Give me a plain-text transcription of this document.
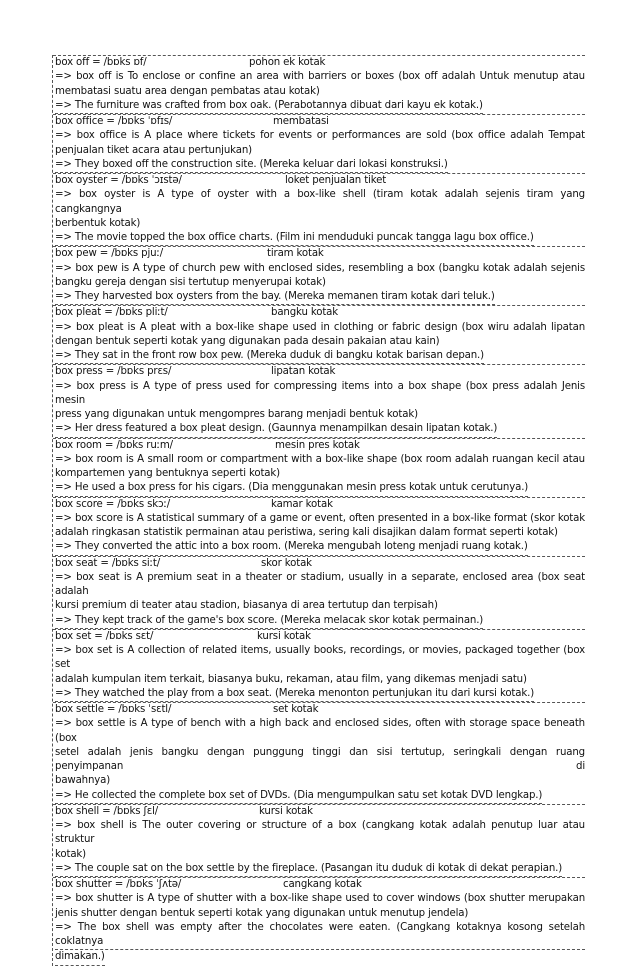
box off = /bɒks ɒf/	pohon ek kotak
=> box off is To enclose or confine an area with barriers or boxes (box off adalah Untuk menutup atau
membatasi suatu area dengan pembatas atau kotak)
=> The furniture was crafted from box oak. (Perabotannya dibuat dari kayu ek kotak.)
box office = /bɒks ˈɒfɪs/	membatasi
=> box office is A place where tickets for events or performances are sold (box office adalah Tempat
penjualan tiket acara atau pertunjukan)
=> They boxed off the construction site. (Mereka keluar dari lokasi konstruksi.)
box oyster = /bɒks ˈɔɪstə/	loket penjualan tiket
=> box oyster is A type of oyster with a box-like shell (tiram kotak adalah sejenis tiram yang cangkangnya
berbentuk kotak)
=> The movie topped the box office charts. (Film ini menduduki puncak tangga lagu box office.)
box pew = /bɒks pjuː/	tiram kotak
=> box pew is A type of church pew with enclosed sides, resembling a box (bangku kotak adalah sejenis
bangku gereja dengan sisi tertutup menyerupai kotak)
=> They harvested box oysters from the bay. (Mereka memanen tiram kotak dari teluk.)
box pleat = /bɒks pliːt/	bangku kotak
=> box pleat is A pleat with a box-like shape used in clothing or fabric design (box wiru adalah lipatan
dengan bentuk seperti kotak yang digunakan pada desain pakaian atau kain)
=> They sat in the front row box pew. (Mereka duduk di bangku kotak barisan depan.)
box press = /bɒks prɛs/	lipatan kotak
=> box press is A type of press used for compressing items into a box shape (box press adalah Jenis mesin
press yang digunakan untuk mengompres barang menjadi bentuk kotak)
=> Her dress featured a box pleat design. (Gaunnya menampilkan desain lipatan kotak.)
box room = /bɒks ruːm/	mesin pres kotak
=> box room is A small room or compartment with a box-like shape (box room adalah ruangan kecil atau
kompartemen yang bentuknya seperti kotak)
=> He used a box press for his cigars. (Dia menggunakan mesin press kotak untuk cerutunya.)
box score = /bɒks skɔː/	kamar kotak
=> box score is A statistical summary of a game or event, often presented in a box-like format (skor kotak
adalah ringkasan statistik permainan atau peristiwa, sering kali disajikan dalam format seperti kotak)
=> They converted the attic into a box room. (Mereka mengubah loteng menjadi ruang kotak.)
box seat = /bɒks siːt/	skor kotak
=> box seat is A premium seat in a theater or stadium, usually in a separate, enclosed area (box seat adalah
kursi premium di teater atau stadion, biasanya di area tertutup dan terpisah)
=> They kept track of the game's box score. (Mereka melacak skor kotak permainan.)
box set = /bɒks sɛt/	kursi kotak
=> box set is A collection of related items, usually books, recordings, or movies, packaged together (box set
adalah kumpulan item terkait, biasanya buku, rekaman, atau film, yang dikemas menjadi satu)
=> They watched the play from a box seat. (Mereka menonton pertunjukan itu dari kursi kotak.)
box settle = /bɒks ˈsɛtl/	set kotak
=> box settle is A type of bench with a high back and enclosed sides, often with storage space beneath (box
setel adalah jenis bangku dengan punggung tinggi dan sisi tertutup, seringkali dengan ruang penyimpanan di
bawahnya)
=> He collected the complete box set of DVDs. (Dia mengumpulkan satu set kotak DVD lengkap.)
box shell = /bɒks ʃɛl/	kursi kotak
=> box shell is The outer covering or structure of a box (cangkang kotak adalah penutup luar atau struktur
kotak)
=> The couple sat on the box settle by the fireplace. (Pasangan itu duduk di kotak di dekat perapian.)
box shutter = /bɒks ˈʃʌtə/	cangkang kotak
=> box shutter is A type of shutter with a box-like shape used to cover windows (box shutter merupakan
jenis shutter dengan bentuk seperti kotak yang digunakan untuk menutup jendela)
=> The box shell was empty after the chocolates were eaten. (Cangkang kotaknya kosong setelah coklatnya
dimakan.)
